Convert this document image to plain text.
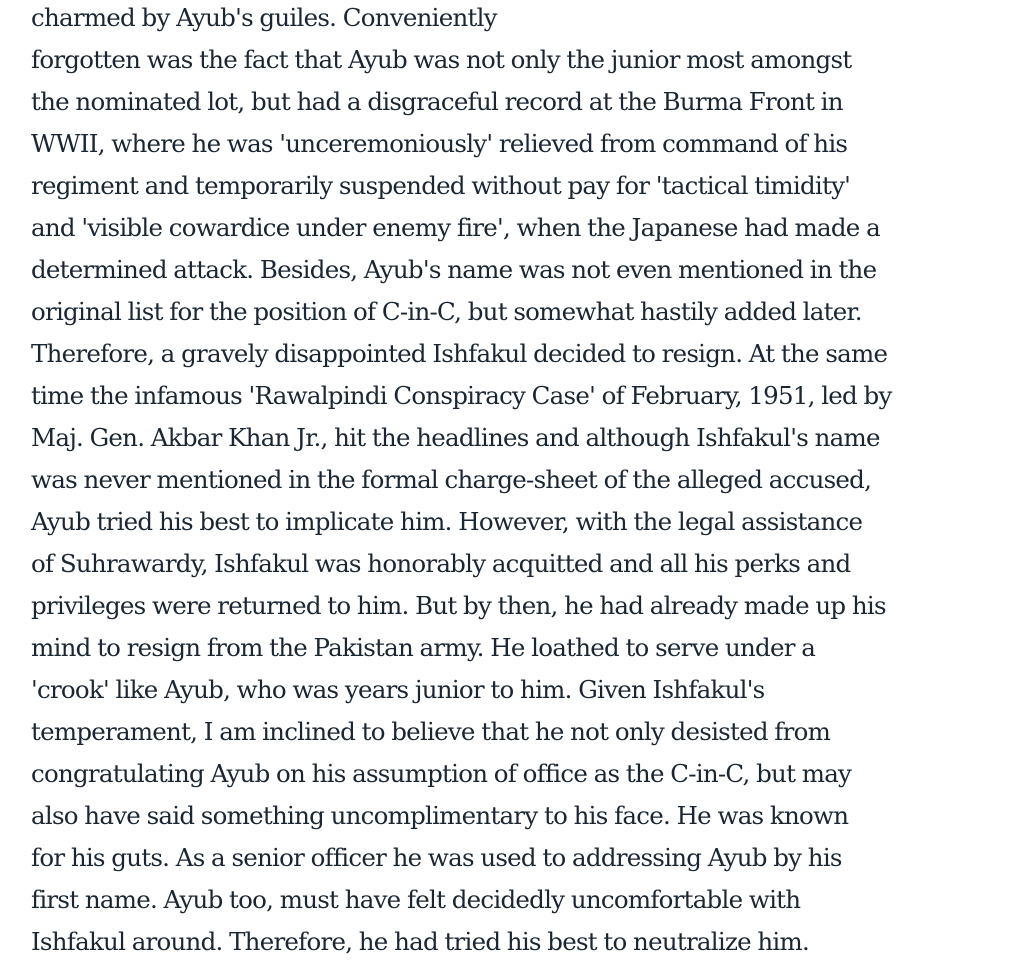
charmed by Ayub's guiles. Conveniently
forgotten was the fact that Ayub was not only the junior most amongst
the nominated lot, but had a disgraceful record at the Burma Front in
WWII, where he was 'unceremoniously' relieved from command of his
regiment and temporarily suspended without pay for 'tactical timidity'
and 'visible cowardice under enemy fire', when the Japanese had made a
determined attack. Besides, Ayub's name was not even mentioned in the
original list for the position of C-in-C, but somewhat hastily added later.
Therefore, a gravely disappointed Ishfakul decided to resign. At the same
time the infamous 'Rawalpindi Conspiracy Case' of February, 1951, led by
Maj. Gen. Akbar Khan Jr., hit the headlines and although Ishfakul's name
was never mentioned in the formal charge-sheet of the alleged accused,
Ayub tried his best to implicate him. However, with the legal assistance
of Suhrawardy, Ishfakul was honorably acquitted and all his perks and
privileges were returned to him. But by then, he had already made up his
mind to resign from the Pakistan army. He loathed to serve under a
'crook' like Ayub, who was years junior to him. Given Ishfakul's
temperament, I am inclined to believe that he not only desisted from
congratulating Ayub on his assumption of office as the C-in-C, but may
also have said something uncomplimentary to his face. He was known
for his guts. As a senior officer he was used to addressing Ayub by his
first name. Ayub too, must have felt decidedly uncomfortable with
Ishfakul around. Therefore, he had tried his best to neutralize him.
